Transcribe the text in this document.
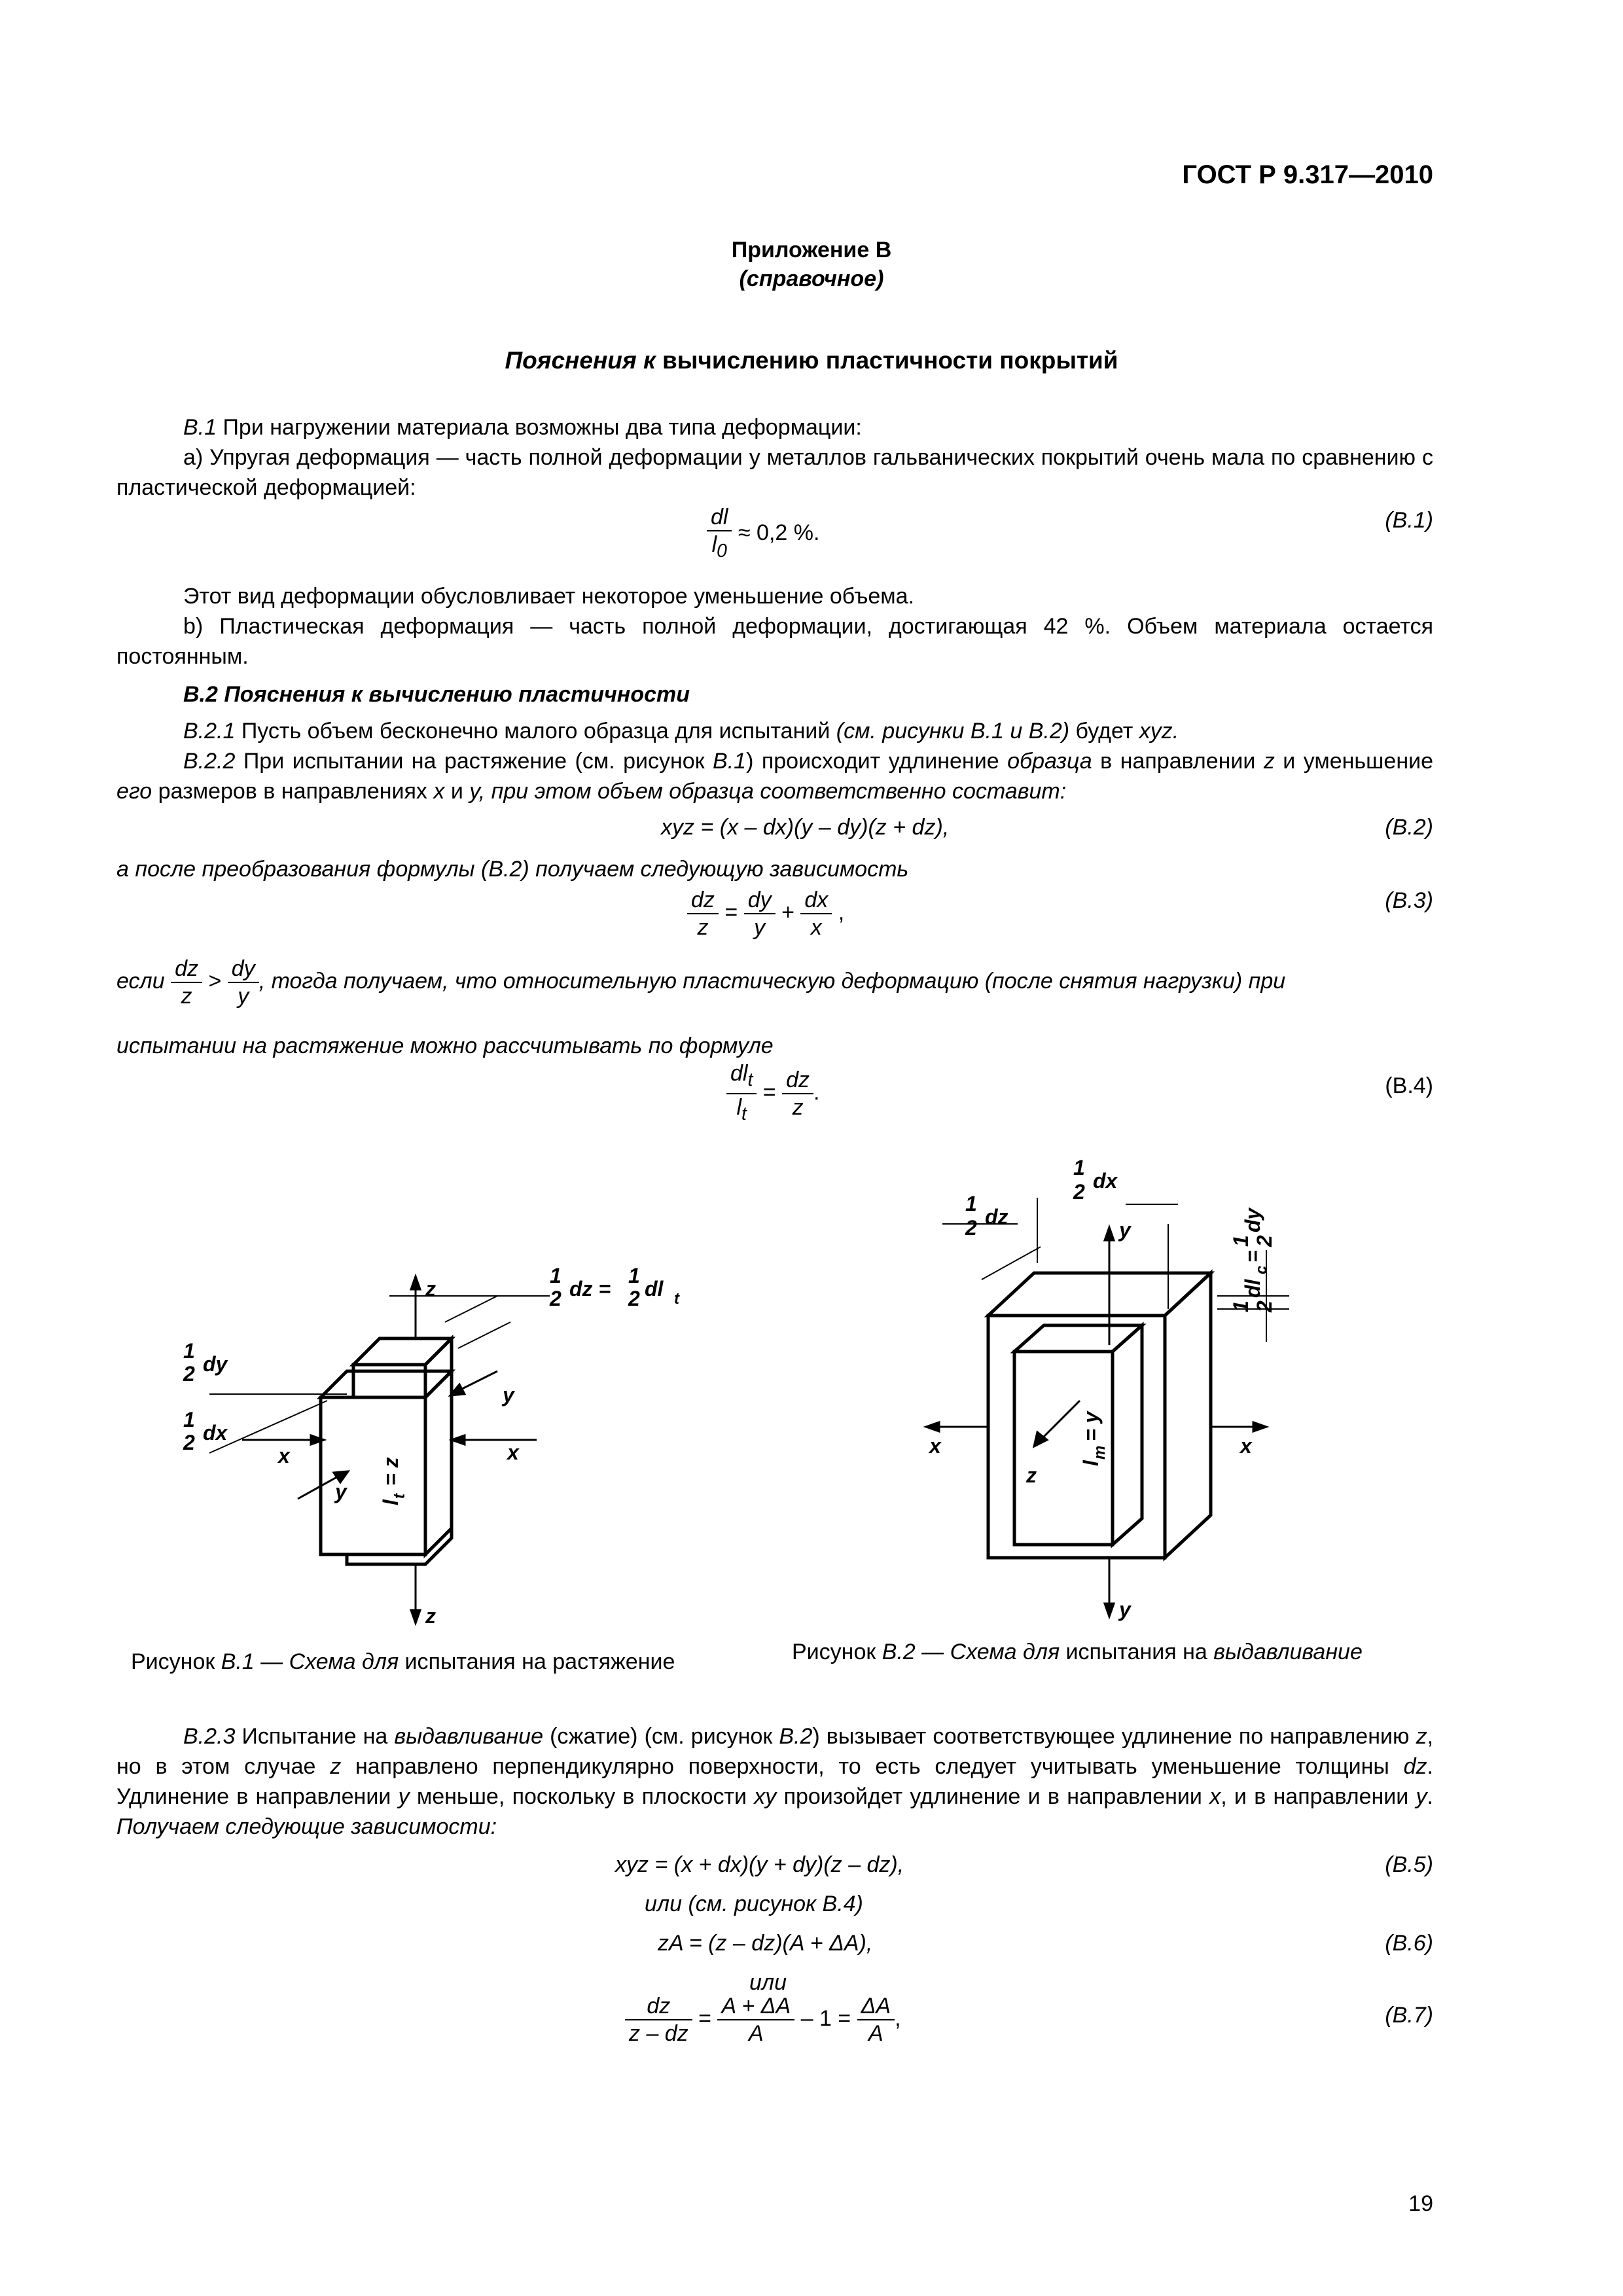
ГОСТ Р 9.317—2010
Приложение В
(справочное)
Пояснения к вычислению пластичности покрытий
В.1 При нагружении материала возможны два типа деформации:
а) Упругая деформация — часть полной деформации у металлов гальванических покрытий очень мала по сравнению с пластической деформацией:
$\frac{dl}{l_0} \approx 0,2$ %.	(В.1)
Этот вид деформации обусловливает некоторое уменьшение объема.
b) Пластическая деформация — часть полной деформации, достигающая 42 %. Объем материала остается постоянным.
В.2 Пояснения к вычислению пластичности
В.2.1 Пусть объем бесконечно малого образца для испытаний (см. рисунки В.1 и В.2) будет xyz.
В.2.2 При испытании на растяжение (см. рисунок В.1) происходит удлинение образца в направлении z и уменьшение его размеров в направлениях x и y, при этом объем образца соответственно составит:
xyz = (x – dx)(y – dy)(z + dz),	(В.2)
а после преобразования формулы (В.2) получаем следующую зависимость
$\frac{dz}{z} = \frac{dy}{y} + \frac{dx}{x}$ ,	(В.3)
если $\frac{dz}{z} > \frac{dy}{y}$ , тогда получаем, что относительную пластическую деформацию (после снятия нагрузки) при
испытании на растяжение можно рассчитывать по формуле
$\frac{dl_t}{l_t} = \frac{dz}{z}$ .	(В.4)
1
2 dz =
1
2 dl t
1
2 dy
1
2 dx
z
z
y
y
x	x
l
t
= z
Рисунок В.1 — Схема для испытания на растяжение
1
2 dx
1
2 dz
y
y
x	x
z
l
m
= y
1 2
dl
c
=
1 2
dy
Рисунок В.2 — Схема для испытания на выдавливание
В.2.3 Испытание на выдавливание (сжатие) (см. рисунок В.2) вызывает соответствующее удлинение по направлению z, но в этом случае z направлено перпендикулярно поверхности, то есть следует учитывать уменьшение толщины dz. Удлинение в направлении y меньше, поскольку в плоскости xy произойдет удлинение и в направлении x, и в направлении y. Получаем следующие зависимости:
xyz = (x + dx)(y + dy)(z – dz),	(В.5)
или (см. рисунок В.4)
zA = (z – dz)(A + ΔA),	(В.6)
или
$\frac{dz}{z - dz} = \frac{A + \Delta A}{A} - 1 = \frac{\Delta A}{A}$ ,	(В.7)
19
